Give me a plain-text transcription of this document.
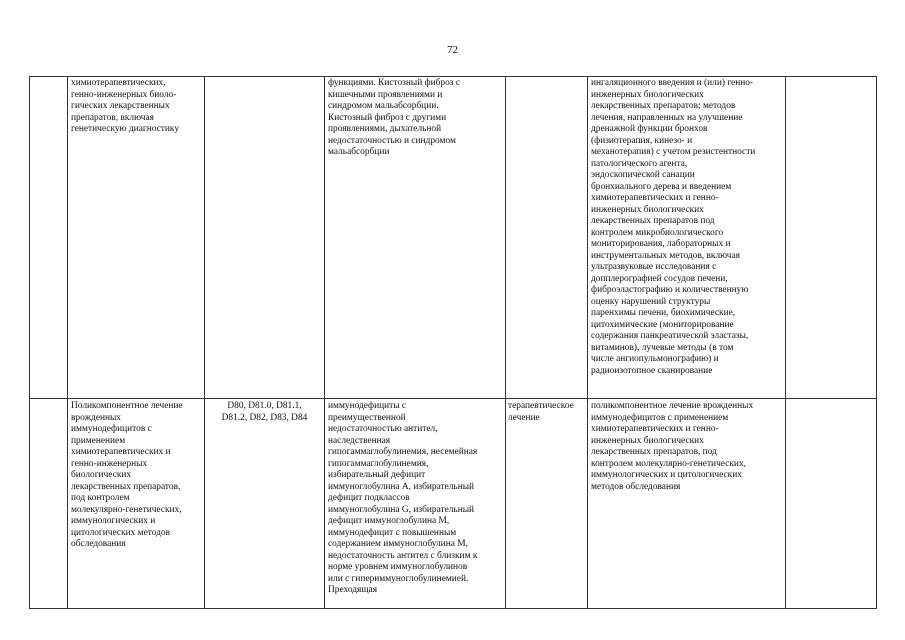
72
химиотерапевтических,
генно-инженерных биоло-
гических лекарственных
препаратов, включая
генетическую диагностику
функциями. Кистозный фиброз с
кишечными проявлениями и
синдромом мальабсорбции.
Кистозный фиброз с другими
проявлениями, дыхательной
недостаточностью и синдромом
мальабсорбции
ингаляционного введения и (или) генно-
инженерных биологических
лекарственных препаратов; методов
лечения, направленных на улучшение
дренажной функции бронхов
(физиотерапия, кинезо- и
механотерапия) с учетом резистентности
патологического агента,
эндоскопической санации
бронхиального дерева и введением
химиотерапевтических и генно-
инженерных биологических
лекарственных препаратов под
контролем микробиологического
мониторирования, лабораторных и
инструментальных методов, включая
ультразвуковые исследования с
допплерографией сосудов печени,
фиброэластографию и количественную
оценку нарушений структуры
паренхимы печени, биохимические,
цитохимические (мониторирование
содержания панкреатической эластазы,
витаминов), лучевые методы (в том
числе ангиопульмонографию) и
радиоизотопное сканирование
Поликомпонентное лечение
врожденных
иммунодефицитов с
применением
химиотерапевтических и
генно-инженерных
биологических
лекарственных препаратов,
под контролем
молекулярно-генетических,
иммунологических и
цитологических методов
обследования
D80, D81.0, D81.1,
D81.2, D82, D83, D84
иммунодефициты с
преимущественной
недостаточностью антител,
наследственная
гипогаммаглобулинемия, несемейная
гипогаммаглобулинемия,
избирательный дефицит
иммуноглобулина A, избирательный
дефицит подклассов
иммуноглобулина G, избирательный
дефицит иммуноглобулина M,
иммунодефицит с повышенным
содержанием иммуноглобулина M,
недостаточность антител с близким к
норме уровнем иммуноглобулинов
или с гипериммуноглобулинемией.
Преходящая
терапевтическое
лечение
поликомпонентное лечение врожденных
иммунодефицитов с применением
химиотерапевтических и генно-
инженерных биологических
лекарственных препаратов, под
контролем молекулярно-генетических,
иммунологических и цитологических
методов обследования
